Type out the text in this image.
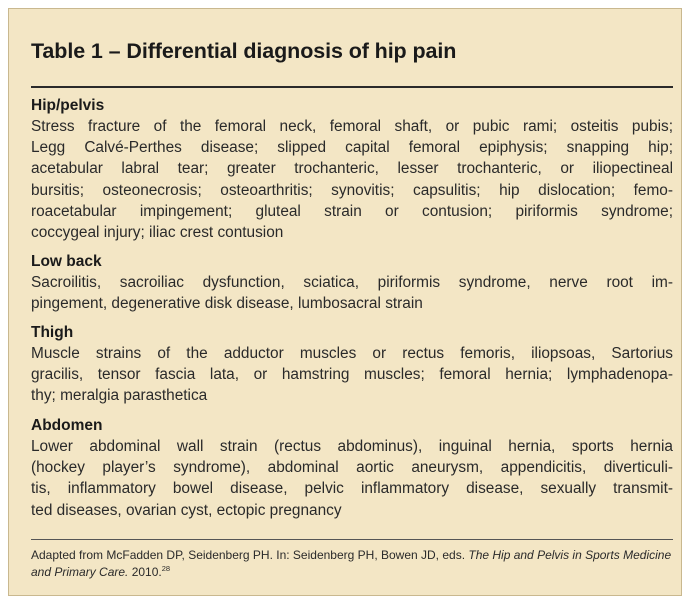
Table 1 – Differential diagnosis of hip pain
Hip/pelvis
Stress fracture of the femoral neck, femoral shaft, or pubic rami; osteitis pubis;
Legg Calvé-Perthes disease; slipped capital femoral epiphysis; snapping hip;
acetabular labral tear; greater trochanteric, lesser trochanteric, or iliopectineal
bursitis; osteonecrosis; osteoarthritis; synovitis; capsulitis; hip dislocation; femo-
roacetabular impingement; gluteal strain or contusion; piriformis syndrome;
coccygeal injury; iliac crest contusion
Low back
Sacroilitis, sacroiliac dysfunction, sciatica, piriformis syndrome, nerve root im-
pingement, degenerative disk disease, lumbosacral strain
Thigh
Muscle strains of the adductor muscles or rectus femoris, iliopsoas, Sartorius
gracilis, tensor fascia lata, or hamstring muscles; femoral hernia; lymphadenopa-
thy; meralgia parasthetica
Abdomen
Lower abdominal wall strain (rectus abdominus), inguinal hernia, sports hernia
(hockey player’s syndrome), abdominal aortic aneurysm, appendicitis, diverticuli-
tis, inflammatory bowel disease, pelvic inflammatory disease, sexually transmit-
ted diseases, ovarian cyst, ectopic pregnancy
Adapted from McFadden DP, Seidenberg PH. In: Seidenberg PH, Bowen JD, eds. The Hip and Pelvis in Sports Medicine and Primary Care. 2010.28
